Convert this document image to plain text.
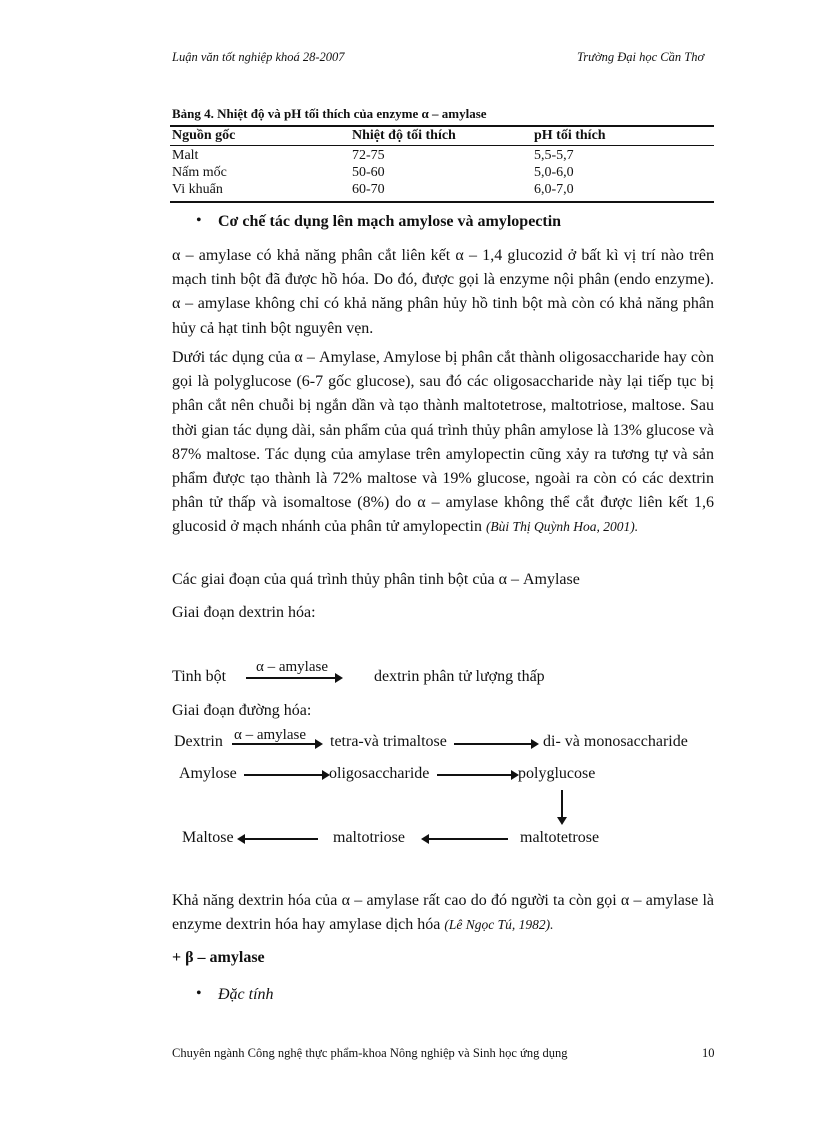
Luận văn tốt nghiệp khoá 28-2007	Trường Đại học Cần Thơ
Bảng 4. Nhiệt độ và pH tối thích của enzyme α – amylase
Nguồn gốc	Nhiệt độ tối thích	pH tối thích
Malt	72-75	5,5-5,7
Nấm mốc	50-60	5,0-6,0
Vi khuẩn	60-70	6,0-7,0
• Cơ chế tác dụng lên mạch amylose và amylopectin
α – amylase có khả năng phân cắt liên kết α – 1,4 glucozid ở bất kì vị trí nào trên mạch tinh bột đã được hồ hóa. Do đó, được gọi là enzyme nội phân (endo enzyme). α – amylase không chỉ có khả năng phân hủy hồ tinh bột mà còn có khả năng phân hủy cả hạt tinh bột nguyên vẹn.
Dưới tác dụng của α – Amylase, Amylose bị phân cắt thành oligosaccharide hay còn gọi là polyglucose (6-7 gốc glucose), sau đó các oligosaccharide này lại tiếp tục bị phân cắt nên chuỗi bị ngắn dần và tạo thành maltotetrose, maltotriose, maltose. Sau thời gian tác dụng dài, sản phẩm của quá trình thủy phân amylose là 13% glucose và 87% maltose. Tác dụng của amylase trên amylopectin cũng xảy ra tương tự và sản phẩm được tạo thành là 72% maltose và 19% glucose, ngoài ra còn có các dextrin phân tử thấp và isomaltose (8%) do α – amylase không thể cắt được liên kết 1,6 glucosid ở mạch nhánh của phân tử amylopectin (Bùi Thị Quỳnh Hoa, 2001).
Các giai đoạn của quá trình thủy phân tinh bột của α – Amylase
Giai đoạn dextrin hóa:
Tinh bột
α – amylase
dextrin phân tử lượng thấp
Giai đoạn đường hóa:
Dextrin α – amylase tetra-và trimaltose	di- và monosaccharide
Amylose	oligosaccharide	polyglucose
Maltose	maltotriose	maltotetrose
Khả năng dextrin hóa của α – amylase rất cao do đó người ta còn gọi α – amylase là enzyme dextrin hóa hay amylase dịch hóa (Lê Ngọc Tú, 1982).
+ β – amylase
• Đặc tính
Chuyên ngành Công nghệ thực phẩm-khoa Nông nghiệp và Sinh học ứng dụng	10
